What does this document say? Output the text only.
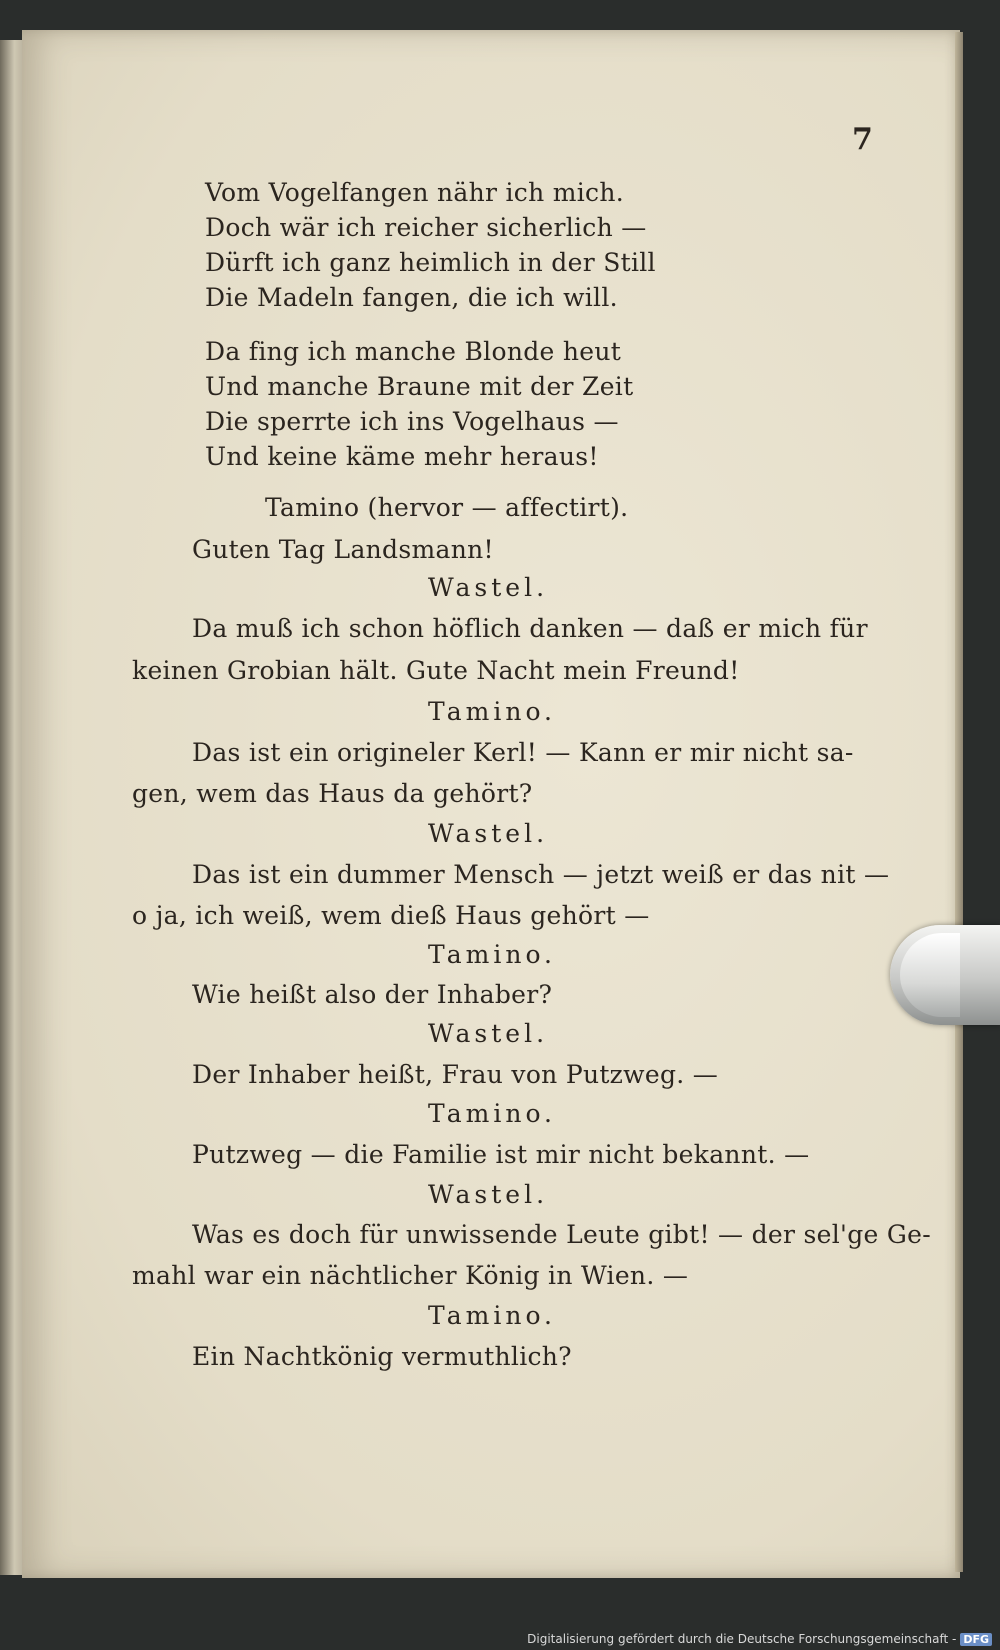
7
Vom Vogelfangen nähr ich mich.
Doch wär ich reicher sicherlich —
Dürft ich ganz heimlich in der Still
Die Madeln fangen, die ich will.
Da fing ich manche Blonde heut
Und manche Braune mit der Zeit
Die sperrte ich ins Vogelhaus —
Und keine käme mehr heraus!
Tamino (hervor — affectirt).
Guten Tag Landsmann!
Wastel.
Da muß ich schon höflich danken — daß er mich für
keinen Grobian hält. Gute Nacht mein Freund!
Tamino.
Das ist ein origineler Kerl! — Kann er mir nicht sa-
gen, wem das Haus da gehört?
Wastel.
Das ist ein dummer Mensch — jetzt weiß er das nit —
o ja, ich weiß, wem dieß Haus gehört —
Tamino.
Wie heißt also der Inhaber?
Wastel.
Der Inhaber heißt, Frau von Putzweg. —
Tamino.
Putzweg — die Familie ist mir nicht bekannt. —
Wastel.
Was es doch für unwissende Leute gibt! — der sel'ge Ge-
mahl war ein nächtlicher König in Wien. —
Tamino.
Ein Nachtkönig vermuthlich?
Digitalisierung gefördert durch die Deutsche Forschungsgemeinschaft - DFG
